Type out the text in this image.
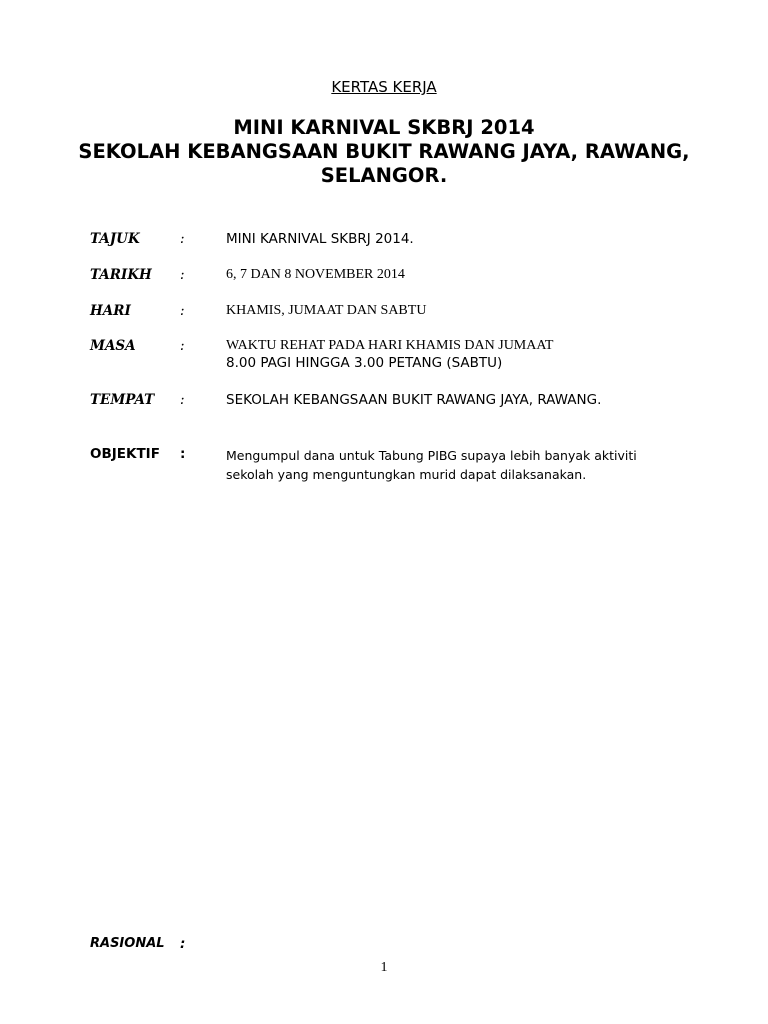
KERTAS KERJA
MINI KARNIVAL SKBRJ 2014
SEKOLAH KEBANGSAAN BUKIT RAWANG JAYA, RAWANG,
SELANGOR.
TAJUK	:	MINI KARNIVAL SKBRJ 2014.
TARIKH :	6, 7 DAN 8 NOVEMBER 2014
HARI	:	KHAMIS, JUMAAT DAN SABTU
MASA	:	WAKTU REHAT PADA HARI KHAMIS DAN JUMAAT
8.00 PAGI HINGGA 3.00 PETANG (SABTU)
TEMPAT :	SEKOLAH KEBANGSAAN BUKIT RAWANG JAYA, RAWANG.
OBJEKTIF :	Mengumpul dana untuk Tabung PIBG supaya lebih banyak aktiviti
sekolah yang menguntungkan murid dapat dilaksanakan.
RASIONAL :
1
